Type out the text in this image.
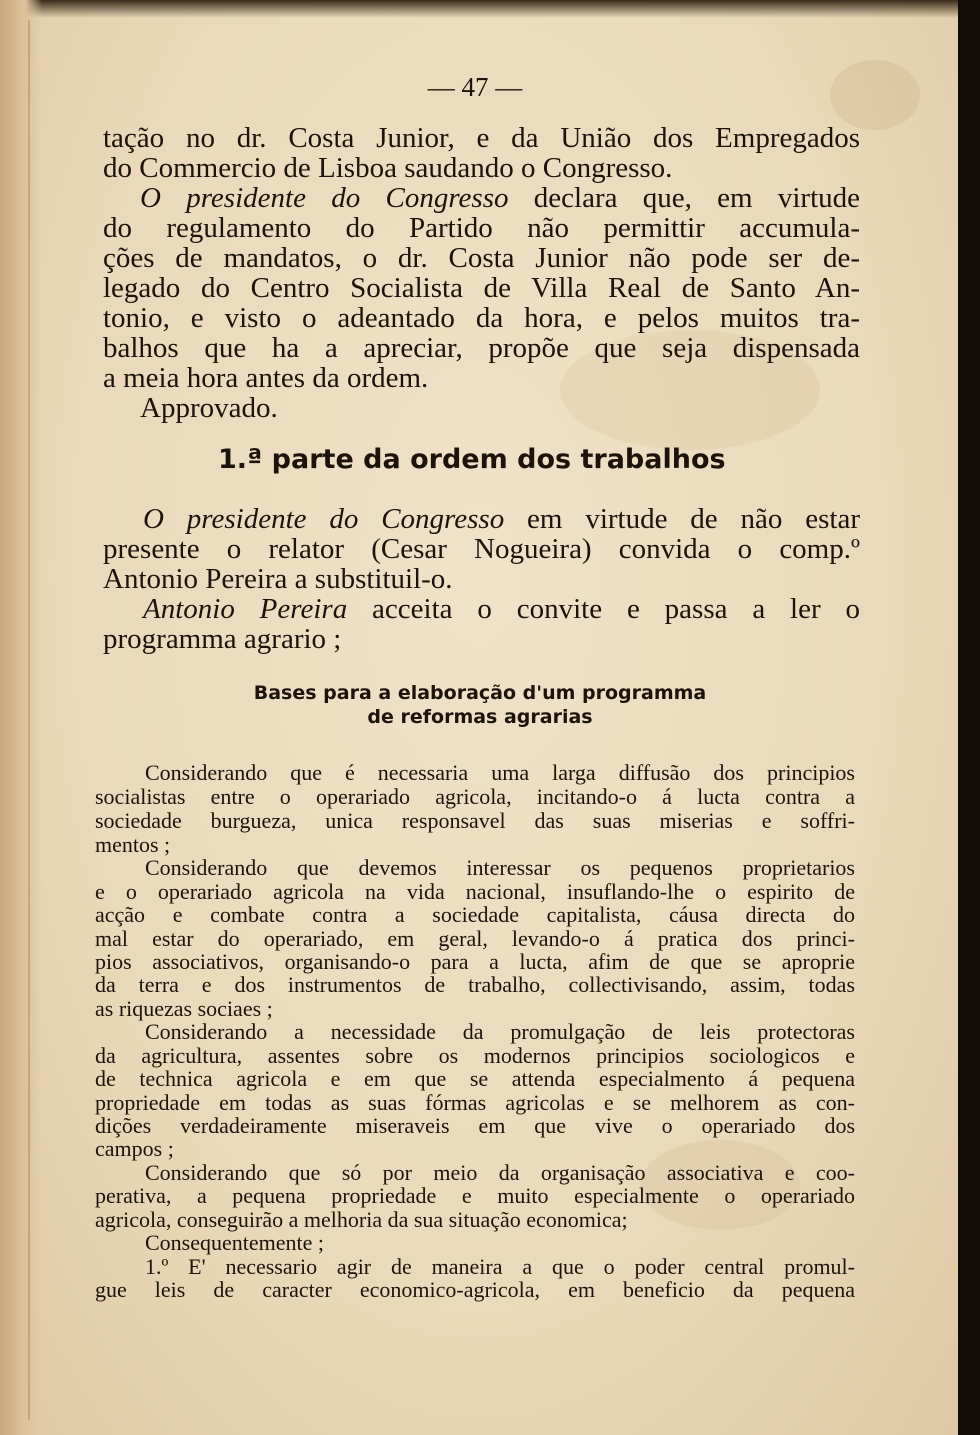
— 47 —
tação no dr. Costa Junior, e da União dos Empregados
do Commercio de Lisboa saudando o Congresso.
O presidente do Congresso declara que, em virtude
do regulamento do Partido não permittir accumula-
ções de mandatos, o dr. Costa Junior não pode ser de-
legado do Centro Socialista de Villa Real de Santo An-
tonio, e visto o adeantado da hora, e pelos muitos tra-
balhos que ha a apreciar, propõe que seja dispensada
a meia hora antes da ordem.
Approvado.
1.ª parte da ordem dos trabalhos
O presidente do Congresso em virtude de não estar
presente o relator (Cesar Nogueira) convida o comp.º
Antonio Pereira a substituil-o.
Antonio Pereira acceita o convite e passa a ler o
programma agrario ;
Bases para a elaboração d'um programma
de reformas agrarias
Considerando que é necessaria uma larga diffusão dos principios
socialistas entre o operariado agricola, incitando-o á lucta contra a
sociedade burgueza, unica responsavel das suas miserias e soffri-
mentos ;
Considerando que devemos interessar os pequenos proprietarios
e o operariado agricola na vida nacional, insuflando-lhe o espirito de
acção e combate contra a sociedade capitalista, cáusa directa do
mal estar do operariado, em geral, levando-o á pratica dos princi-
pios associativos, organisando-o para a lucta, afim de que se aproprie
da terra e dos instrumentos de trabalho, collectivisando, assim, todas
as riquezas sociaes ;
Considerando a necessidade da promulgação de leis protectoras
da agricultura, assentes sobre os modernos principios sociologicos e
de technica agricola e em que se attenda especialmento á pequena
propriedade em todas as suas fórmas agricolas e se melhorem as con-
dições verdadeiramente miseraveis em que vive o operariado dos
campos ;
Considerando que só por meio da organisação associativa e coo-
perativa, a pequena propriedade e muito especialmente o operariado
agricola, conseguirão a melhoria da sua situação economica;
Consequentemente ;
1.º E' necessario agir de maneira a que o poder central promul-
gue leis de caracter economico-agricola, em beneficio da pequena
